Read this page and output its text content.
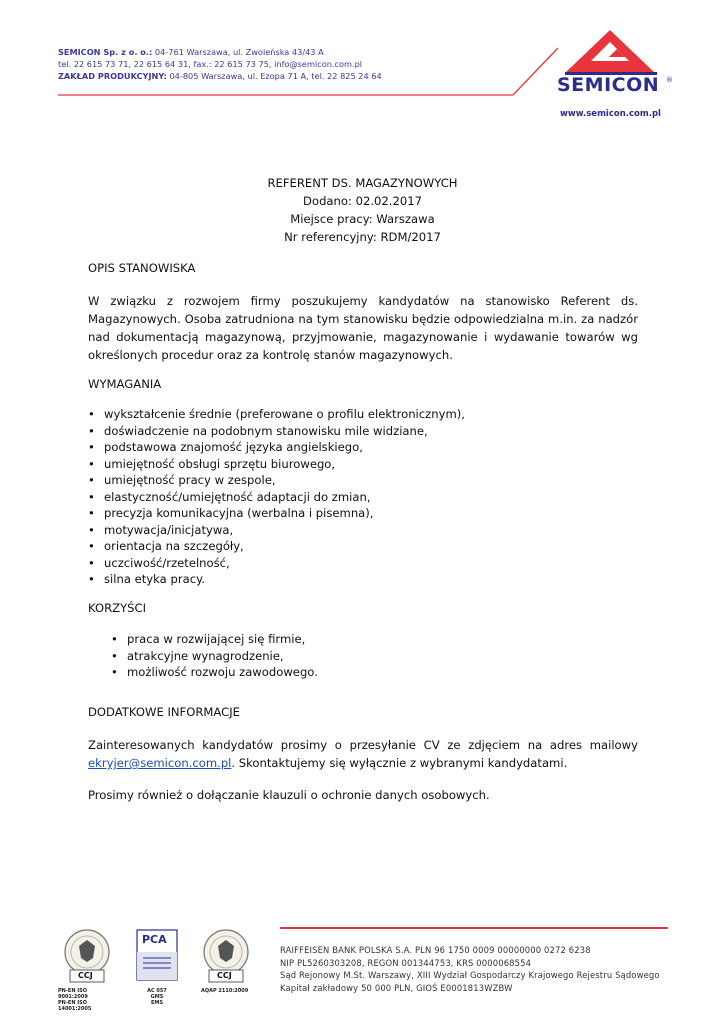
SEMICON Sp. z o. o.: 04-761 Warszawa, ul. Zwoleńska 43/43 A
tel. 22 615 73 71, 22 615 64 31, fax.: 22 615 73 75, info@semicon.com.pl
ZAKŁAD PRODUKCYJNY: 04-805 Warszawa, ul. Ezopa 71 A, tel. 22 825 24 64	SEMICON ®
www.semicon.com.pl
REFERENT DS. MAGAZYNOWYCH
Dodano: 02.02.2017
Miejsce pracy: Warszawa
Nr referencyjny: RDM/2017
OPIS STANOWISKA
W związku z rozwojem firmy poszukujemy kandydatów na stanowisko Referent ds. Magazynowych. Osoba zatrudniona na tym stanowisku będzie odpowiedzialna m.in. za nadzór nad dokumentacją magazynową, przyjmowanie, magazynowanie i wydawanie towarów wg określonych procedur oraz za kontrolę stanów magazynowych.
WYMAGANIA
• wykształcenie średnie (preferowane o profilu elektronicznym),
• doświadczenie na podobnym stanowisku mile widziane,
• podstawowa znajomość języka angielskiego,
• umiejętność obsługi sprzętu biurowego,
• umiejętność pracy w zespole,
• elastyczność/umiejętność adaptacji do zmian,
• precyzja komunikacyjna (werbalna i pisemna),
• motywacja/inicjatywa,
• orientacja na szczegóły,
• uczciwość/rzetelność,
• silna etyka pracy.
KORZYŚCI
• praca w rozwijającej się firmie,
• atrakcyjne wynagrodzenie,
• możliwość rozwoju zawodowego.
DODATKOWE INFORMACJE
Zainteresowanych kandydatów prosimy o przesyłanie CV ze zdjęciem na adres mailowy ekryjer@semicon.com.pl. Skontaktujemy się wyłącznie z wybranymi kandydatami.
Prosimy również o dołączanie klauzuli o ochronie danych osobowych.
CCJ
PN-EN ISO 9001:2009
PN-EN ISO 14001:2005
PCA
AC 057
GMS
EMS
CCJ
AQAP 2110:2009
RAIFFEISEN BANK POLSKA S.A. PLN 96 1750 0009 00000000 0272 6238
NIP PL5260303208, REGON 001344753, KRS 0000068554
Sąd Rejonowy M.St. Warszawy, XIII Wydział Gospodarczy Krajowego Rejestru Sądowego
Kapitał zakładowy 50 000 PLN, GIOŚ E0001813WZBW
